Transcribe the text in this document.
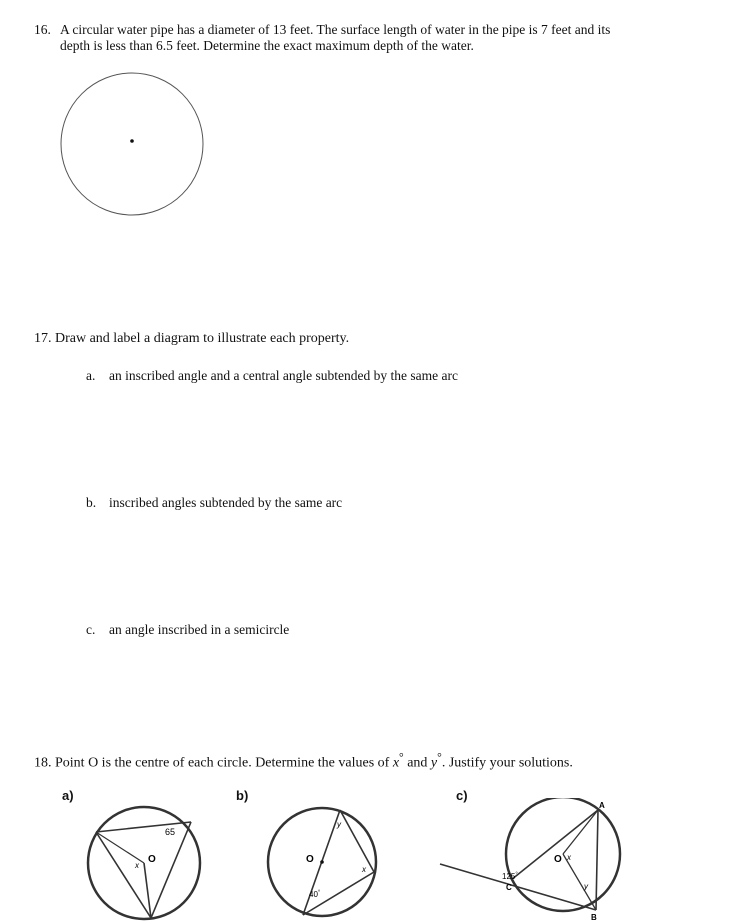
16. A circular water pipe has a diameter of 13 feet. The surface length of water in the pipe is 7 feet and its
depth is less than 6.5 feet. Determine the exact maximum depth of the water.
17. Draw and label a diagram to illustrate each property.
a. an inscribed angle and a central angle subtended by the same arc
b. inscribed angles subtended by the same arc
c. an angle inscribed in a semicircle
18. Point O is the centre of each circle. Determine the values of x° and y°. Justify your solutions.
a)	b)	c)
65
x
O	O
y
x
40°
A
B
C
125°
O x
y
